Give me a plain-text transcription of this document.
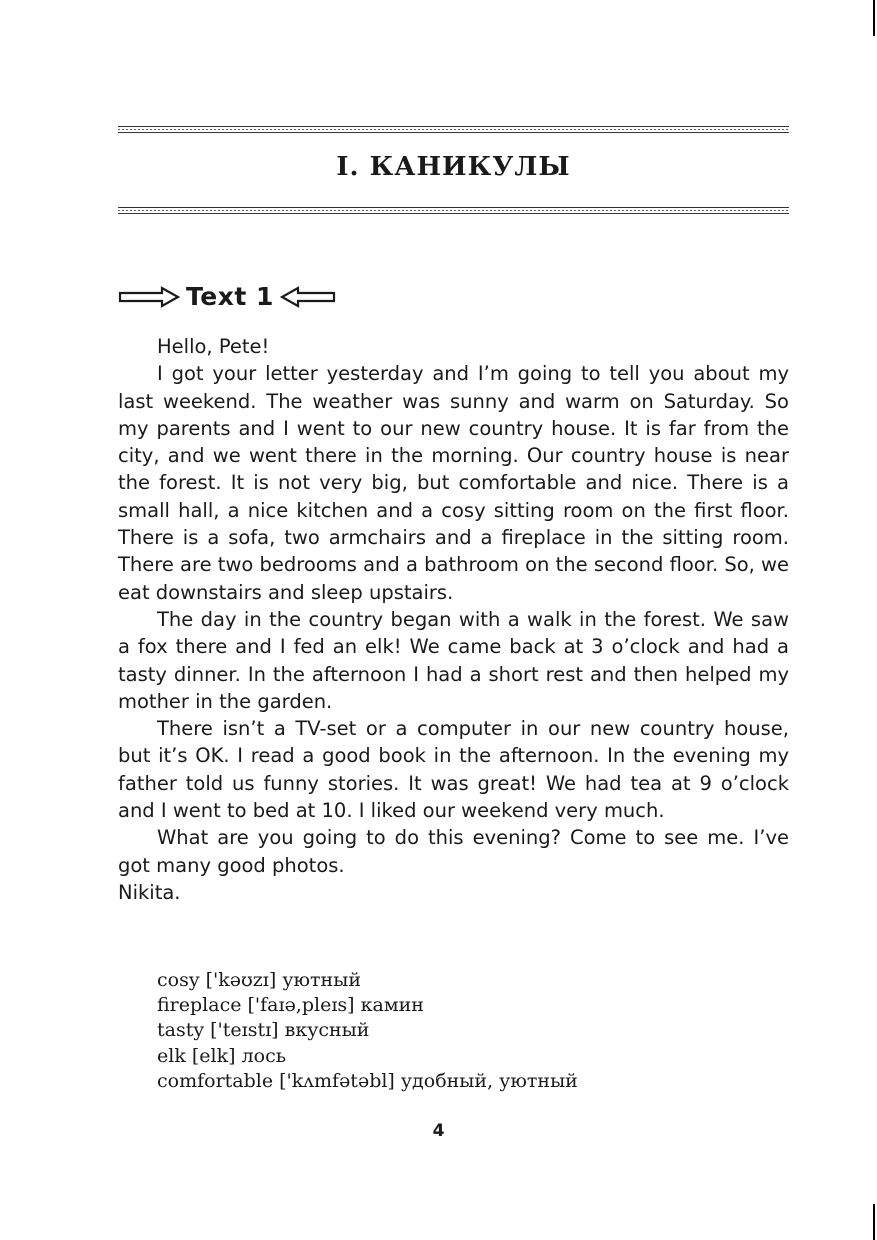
I. КАНИКУЛЫ
Text 1

Hello, Pete!

I got your letter yesterday and I’m going to tell you about my last weekend. The weather was sunny and warm on Saturday. So my parents and I went to our new country house. It is far from the city, and we went there in the morning. Our country house is near the forest. It is not very big, but comfortable and nice. There is a small hall, a nice kitchen and a cosy sitting room on the first floor. There is a sofa, two armchairs and a fireplace in the sitting room. There are two bedrooms and a bathroom on the second floor. So, we eat downstairs and sleep upstairs.

The day in the country began with a walk in the forest. We saw a fox there and I fed an elk! We came back at 3 o’clock and had a tasty dinner. In the afternoon I had a short rest and then helped my mother in the garden.

There isn’t a TV-set or a computer in our new country house, but it’s OK. I read a good book in the afternoon. In the evening my father told us funny stories. It was great! We had tea at 9 o’clock and I went to bed at 10. I liked our weekend very much.

What are you going to do this evening? Come to see me. I’ve got many good photos.

Nikita.

cosy ['kəʊzɪ] уютный
fireplace ['faɪə,pleɪs] камин
tasty ['teɪstɪ] вкусный
elk [elk] лось
comfortable ['kʌmfətəbl] удобный, уютный
4
